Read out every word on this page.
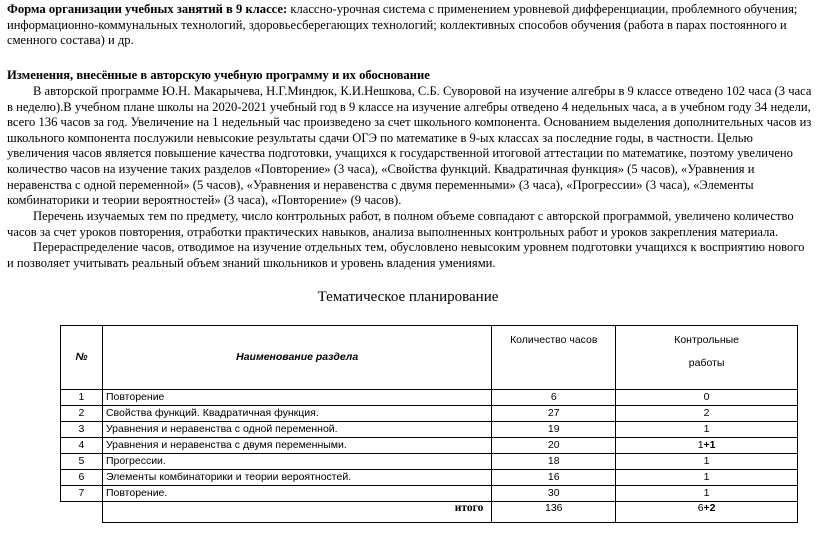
Форма организации учебных занятий в 9 классе: классно-урочная система с применением уровневой дифференциации, проблемного обучения; информационно-коммунальных технологий, здоровьесберегающих технологий; коллективных способов обучения (работа в парах постоянного и сменного состава) и др.

Изменения, внесённые в авторскую учебную программу и их обоснование

В авторской программе Ю.Н. Макарычева, Н.Г.Миндюк, К.И.Нешкова, С.Б. Суворовой на изучение алгебры в 9 классе отведено 102 часа (3 часа в неделю).В учебном плане школы на 2020-2021 учебный год в 9 классе на изучение алгебры отведено 4 недельных часа, а в учебном году 34 недели, всего 136 часов за год. Увеличение на 1 недельный час произведено за счет школьного компонента. Основанием выделения дополнительных часов из школьного компонента послужили невысокие результаты сдачи ОГЭ по математике в 9-ых классах за последние годы, в частности. Целью увеличения часов является повышение качества подготовки, учащихся к государственной итоговой аттестации по математике, поэтому увеличено количество часов на изучение таких разделов «Повторение» (3 часа), «Свойства функций. Квадратичная функция» (5 часов), «Уравнения и неравенства с одной переменной» (5 часов), «Уравнения и неравенства с двумя переменными» (3 часа), «Прогрессии» (3 часа), «Элементы комбинаторики и теории вероятностей» (3 часа), «Повторение» (9 часов).

Перечень изучаемых тем по предмету, число контрольных работ, в полном объеме совпадают с авторской программой, увеличено количество часов за счет уроков повторения, отработки практических навыков, анализа выполненных контрольных работ и уроков закрепления материала.

Перераспределение часов, отводимое на изучение отдельных тем, обусловлено невысоким уровнем подготовки учащихся к восприятию нового и позволяет учитывать реальный объем знаний школьников и уровень владения умениями.

Тематическое планирование

№	Наименование раздела	Количество часов	Контрольные
работы

1	Повторение	6	0
2	Свойства функций. Квадратичная функция.	27	2
3	Уравнения и неравенства с одной переменной.	19	1
4	Уравнения и неравенства с двумя переменными.	20	1+1
5	Прогрессии.	18	1
6	Элементы комбинаторики и теории вероятностей.	16	1
7	Повторение.	30	1
	итого	136	6+2
